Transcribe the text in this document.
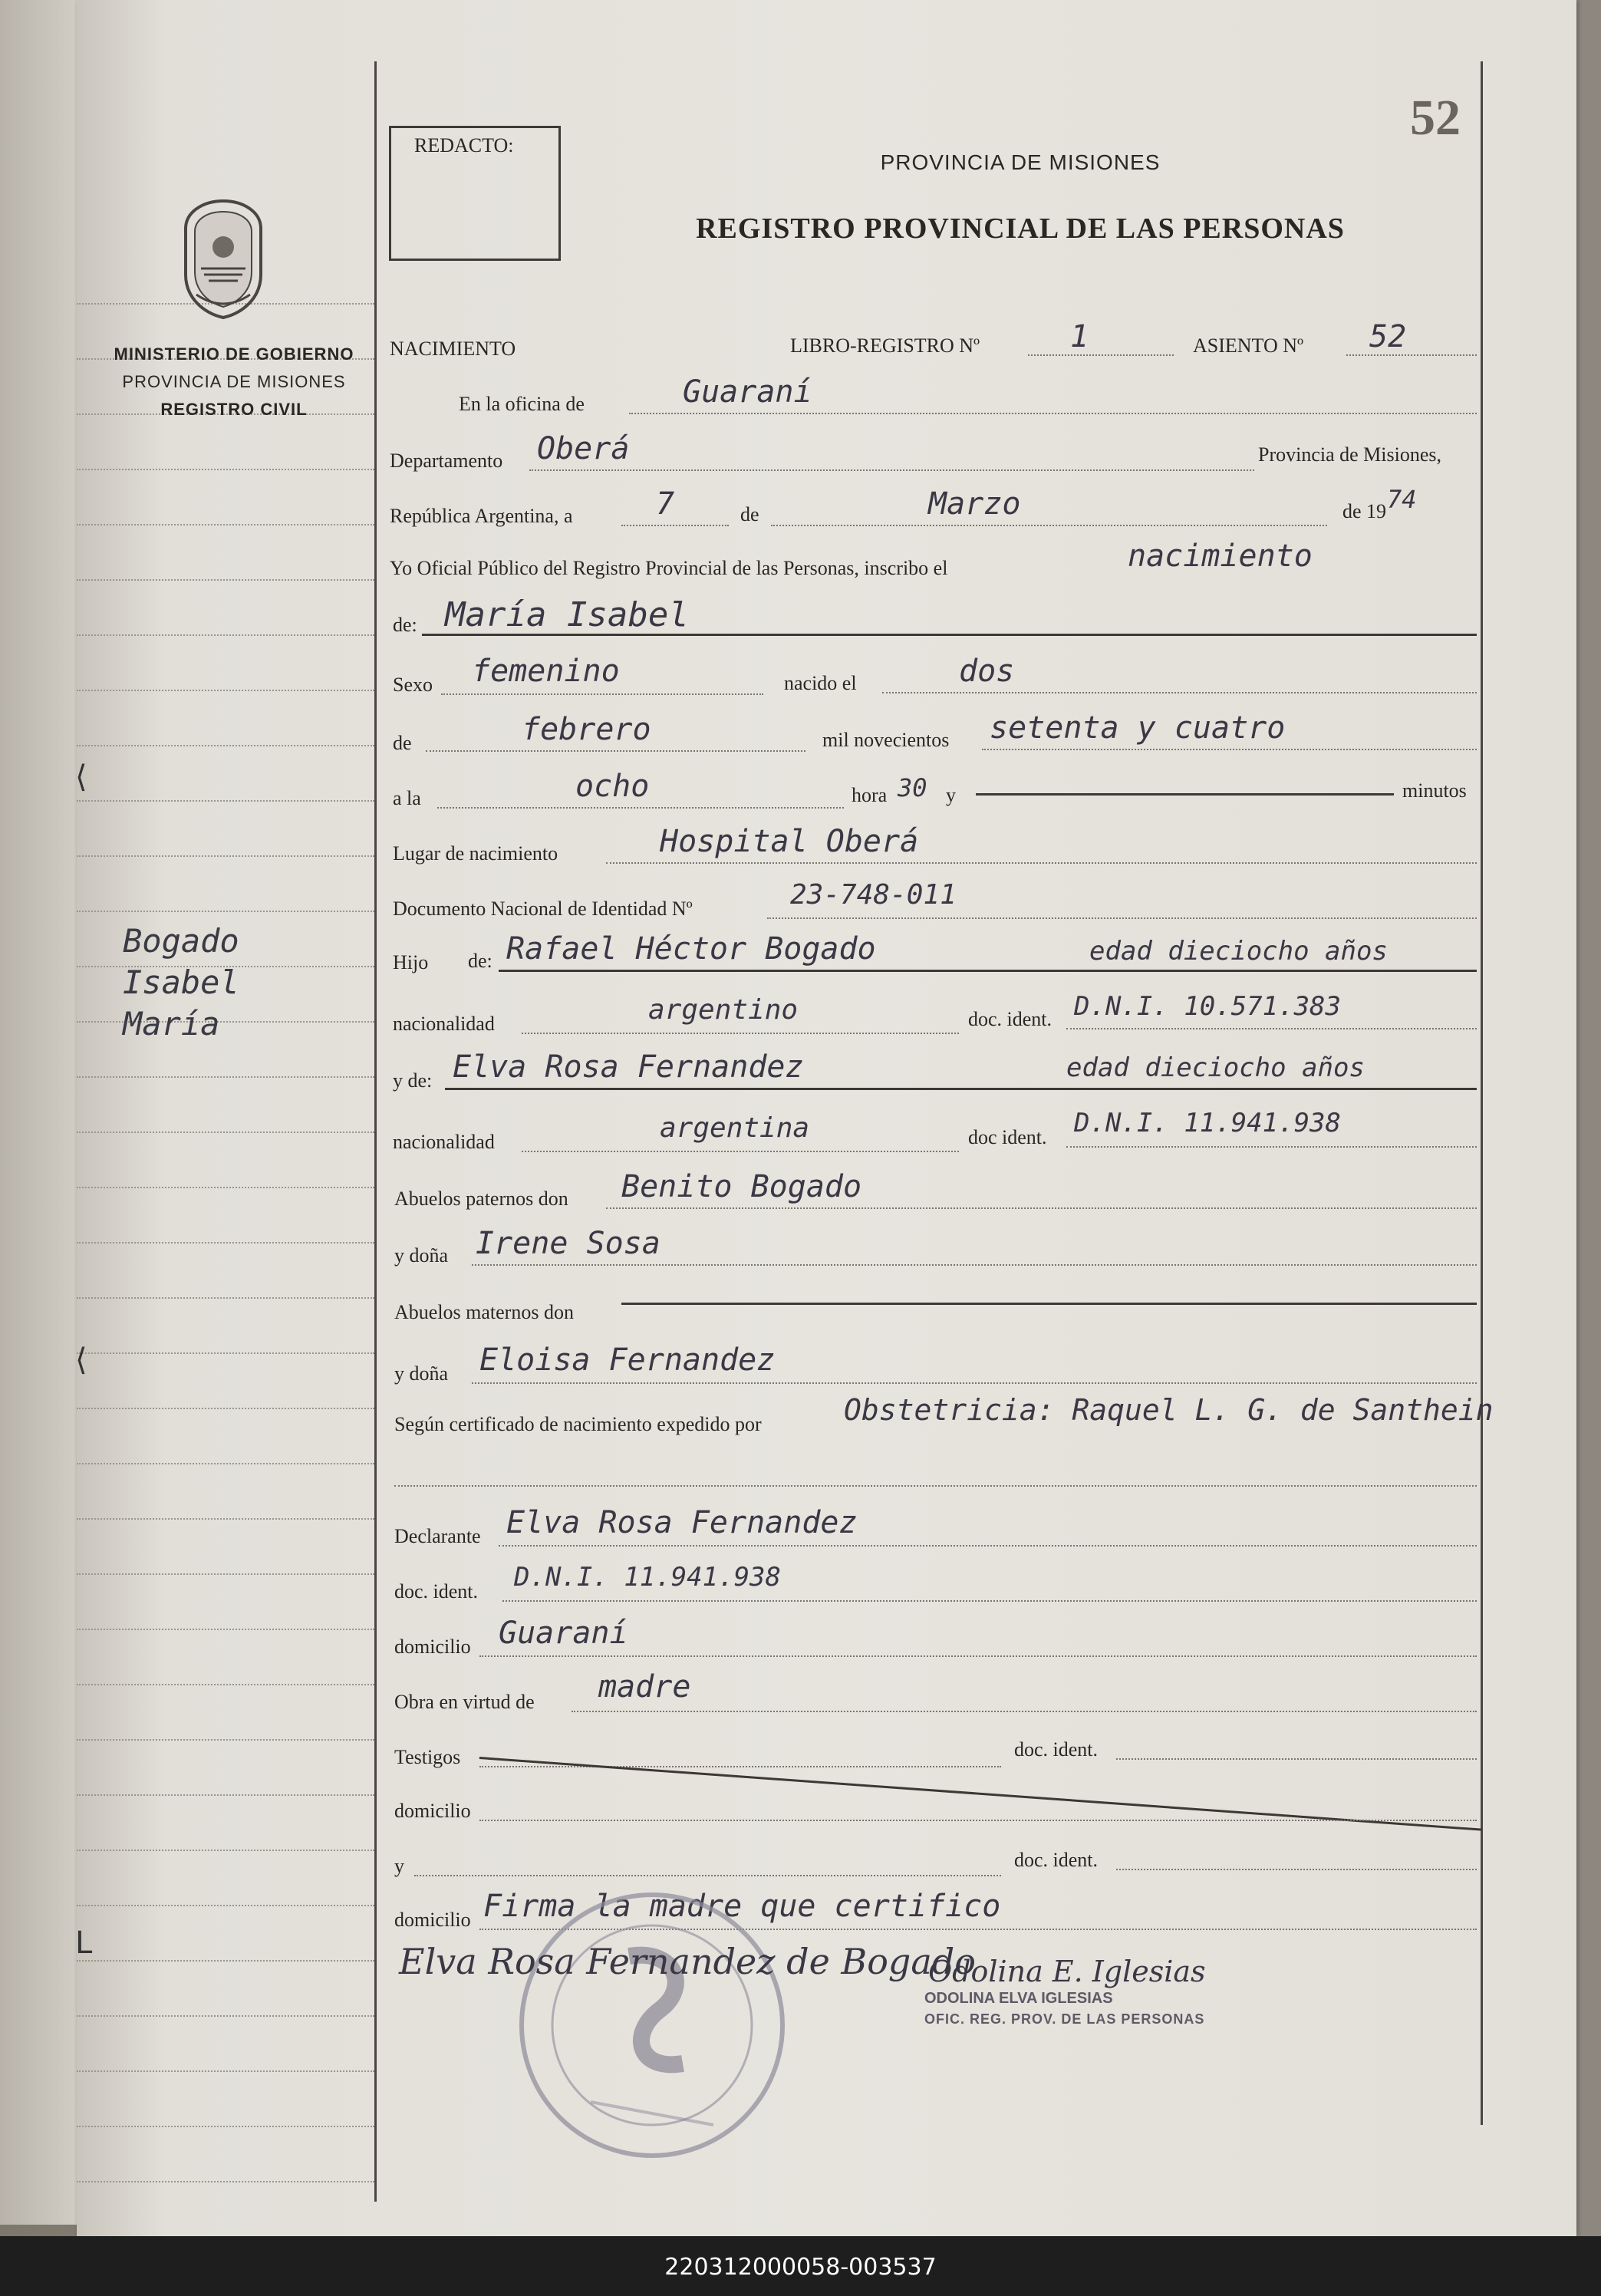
MINISTERIO DE GOBIERNO
PROVINCIA DE MISIONES
REGISTRO CIVIL
⟨
⟨
L
Bogado
Isabel
María
REDACTO:	52
PROVINCIA DE MISIONES
REGISTRO PROVINCIAL DE LAS PERSONAS
NACIMIENTO	LIBRO-REGISTRO Nº	1	ASIENTO Nº 52
En la oficina de	Guaraní
Departamento Oberá	Provincia de Misiones,
República Argentina, a	7	de	Marzo	de 19 74
Yo Oficial Público del Registro Provincial de las Personas, inscribo el	nacimiento
de: María Isabel
Sexo femenino	nacido el	dos
de	febrero	mil novecientos setenta y cuatro
a la	ocho	hora 30 y	minutos
Lugar de nacimiento	Hospital Oberá
Documento Nacional de Identidad Nº	23-748-011
Hijo de: Rafael Héctor Bogado	edad dieciocho años
nacionalidad	argentino	doc. ident. D.N.I. 10.571.383
y de: Elva Rosa Fernandez	edad dieciocho años
nacionalidad	argentina	doc ident. D.N.I. 11.941.938
Abuelos paternos don Benito Bogado
y doña Irene Sosa
Abuelos maternos don
y doña Eloisa Fernandez
Según certificado de nacimiento expedido por	Obstetricia: Raquel L. G. de Santhein
Declarante Elva Rosa Fernandez
doc. ident. D.N.I. 11.941.938
domicilio Guaraní
Obra en virtud de madre
Testigos	doc. ident.
domicilio
y	doc. ident.
domicilio Firma la madre que certifico
Elva Rosa Fernandez de Bogado
Odolina E. Iglesias
ODOLINA ELVA IGLESIAS
OFIC. REG. PROV. DE LAS PERSONAS
220312000058-003537
